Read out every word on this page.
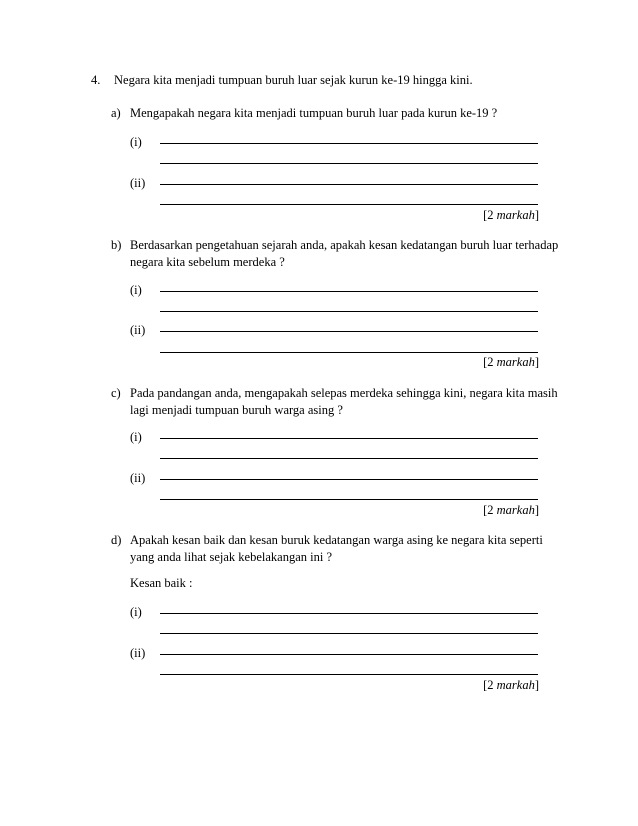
4. Negara kita menjadi tumpuan buruh luar sejak kurun ke-19 hingga kini.
a) Mengapakah negara kita menjadi tumpuan buruh luar pada kurun ke-19 ?
(i)
(ii)
[2 markah]
b) Berdasarkan pengetahuan sejarah anda, apakah kesan kedatangan buruh luar terhadap
negara kita sebelum merdeka ?
(i)
(ii)
[2 markah]
c) Pada pandangan anda, mengapakah selepas merdeka sehingga kini, negara kita masih
lagi menjadi tumpuan buruh warga asing ?
(i)
(ii)
[2 markah]
d) Apakah kesan baik dan kesan buruk kedatangan warga asing ke negara kita seperti
yang anda lihat sejak kebelakangan ini ?
Kesan baik :
(i)
(ii)
[2 markah]
